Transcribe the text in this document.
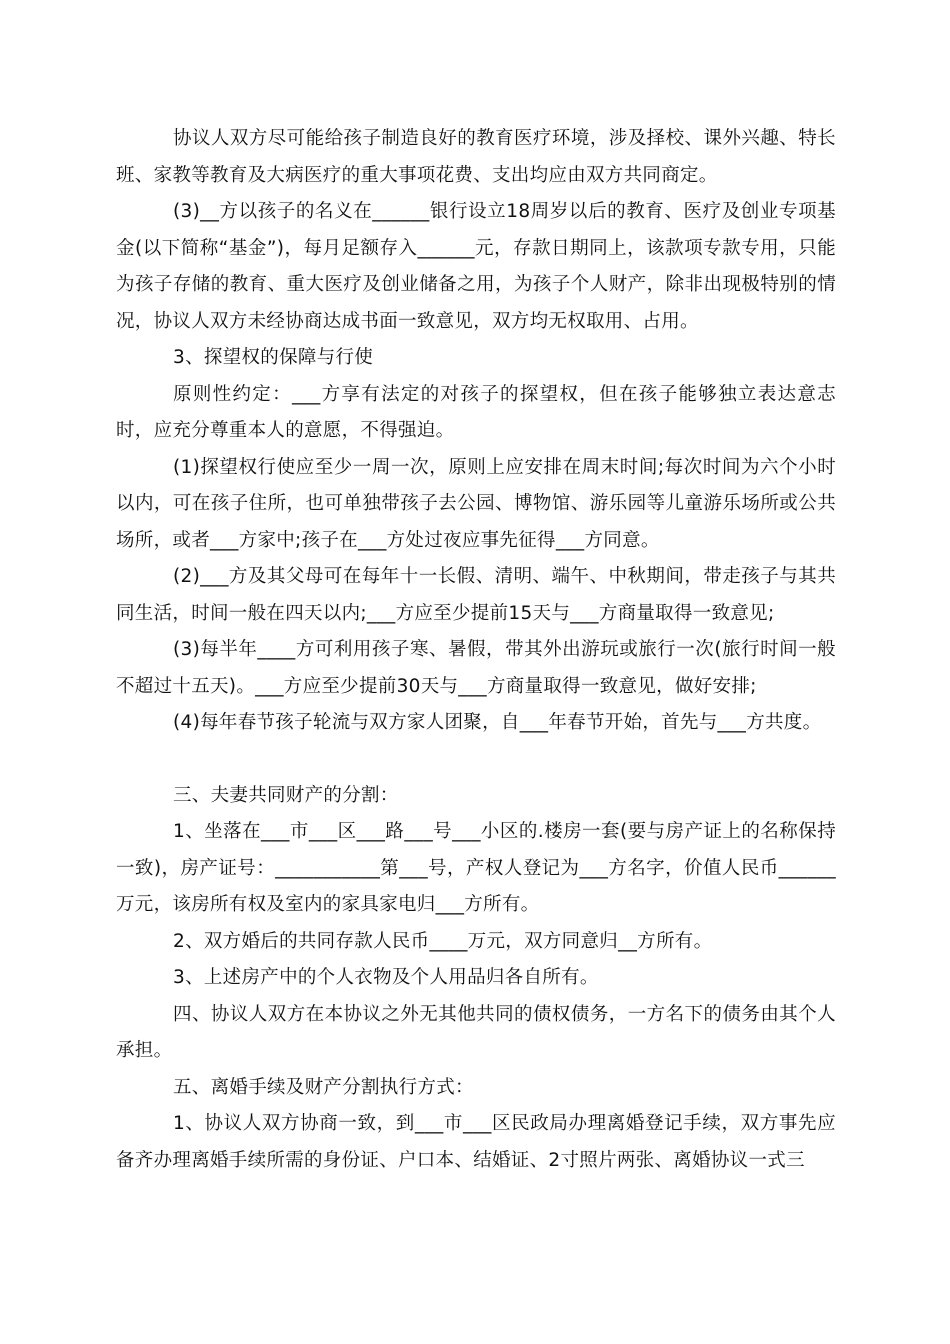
协议人双方尽可能给孩子制造良好的教育医疗环境，涉及择校、课外兴趣、特长班、家教等教育及大病医疗的重大事项花费、支出均应由双方共同商定。

(3)__方以孩子的名义在______银行设立18周岁以后的教育、医疗及创业专项基金(以下简称“基金”)，每月足额存入______元，存款日期同上，该款项专款专用，只能为孩子存储的教育、重大医疗及创业储备之用，为孩子个人财产，除非出现极特别的情况，协议人双方未经协商达成书面一致意见，双方均无权取用、占用。

3、探望权的保障与行使

原则性约定：___方享有法定的对孩子的探望权，但在孩子能够独立表达意志时，应充分尊重本人的意愿，不得强迫。

(1)探望权行使应至少一周一次，原则上应安排在周末时间;每次时间为六个小时以内，可在孩子住所，也可单独带孩子去公园、博物馆、游乐园等儿童游乐场所或公共场所，或者___方家中;孩子在___方处过夜应事先征得___方同意。

(2)___方及其父母可在每年十一长假、清明、端午、中秋期间，带走孩子与其共同生活，时间一般在四天以内;___方应至少提前15天与___方商量取得一致意见;

(3)每半年____方可利用孩子寒、暑假，带其外出游玩或旅行一次(旅行时间一般不超过十五天)。___方应至少提前30天与___方商量取得一致意见，做好安排;

(4)每年春节孩子轮流与双方家人团聚，自___年春节开始，首先与___方共度。

三、夫妻共同财产的分割：

1、坐落在___市___区___路___号___小区的.楼房一套(要与房产证上的名称保持一致)，房产证号：___________第___号，产权人登记为___方名字，价值人民币______万元，该房所有权及室内的家具家电归___方所有。

2、双方婚后的共同存款人民币____万元，双方同意归__方所有。

3、上述房产中的个人衣物及个人用品归各自所有。

四、协议人双方在本协议之外无其他共同的债权债务，一方名下的债务由其个人承担。

五、离婚手续及财产分割执行方式：

1、协议人双方协商一致，到___市___区民政局办理离婚登记手续，双方事先应备齐办理离婚手续所需的身份证、户口本、结婚证、2寸照片两张、离婚协议一式三
